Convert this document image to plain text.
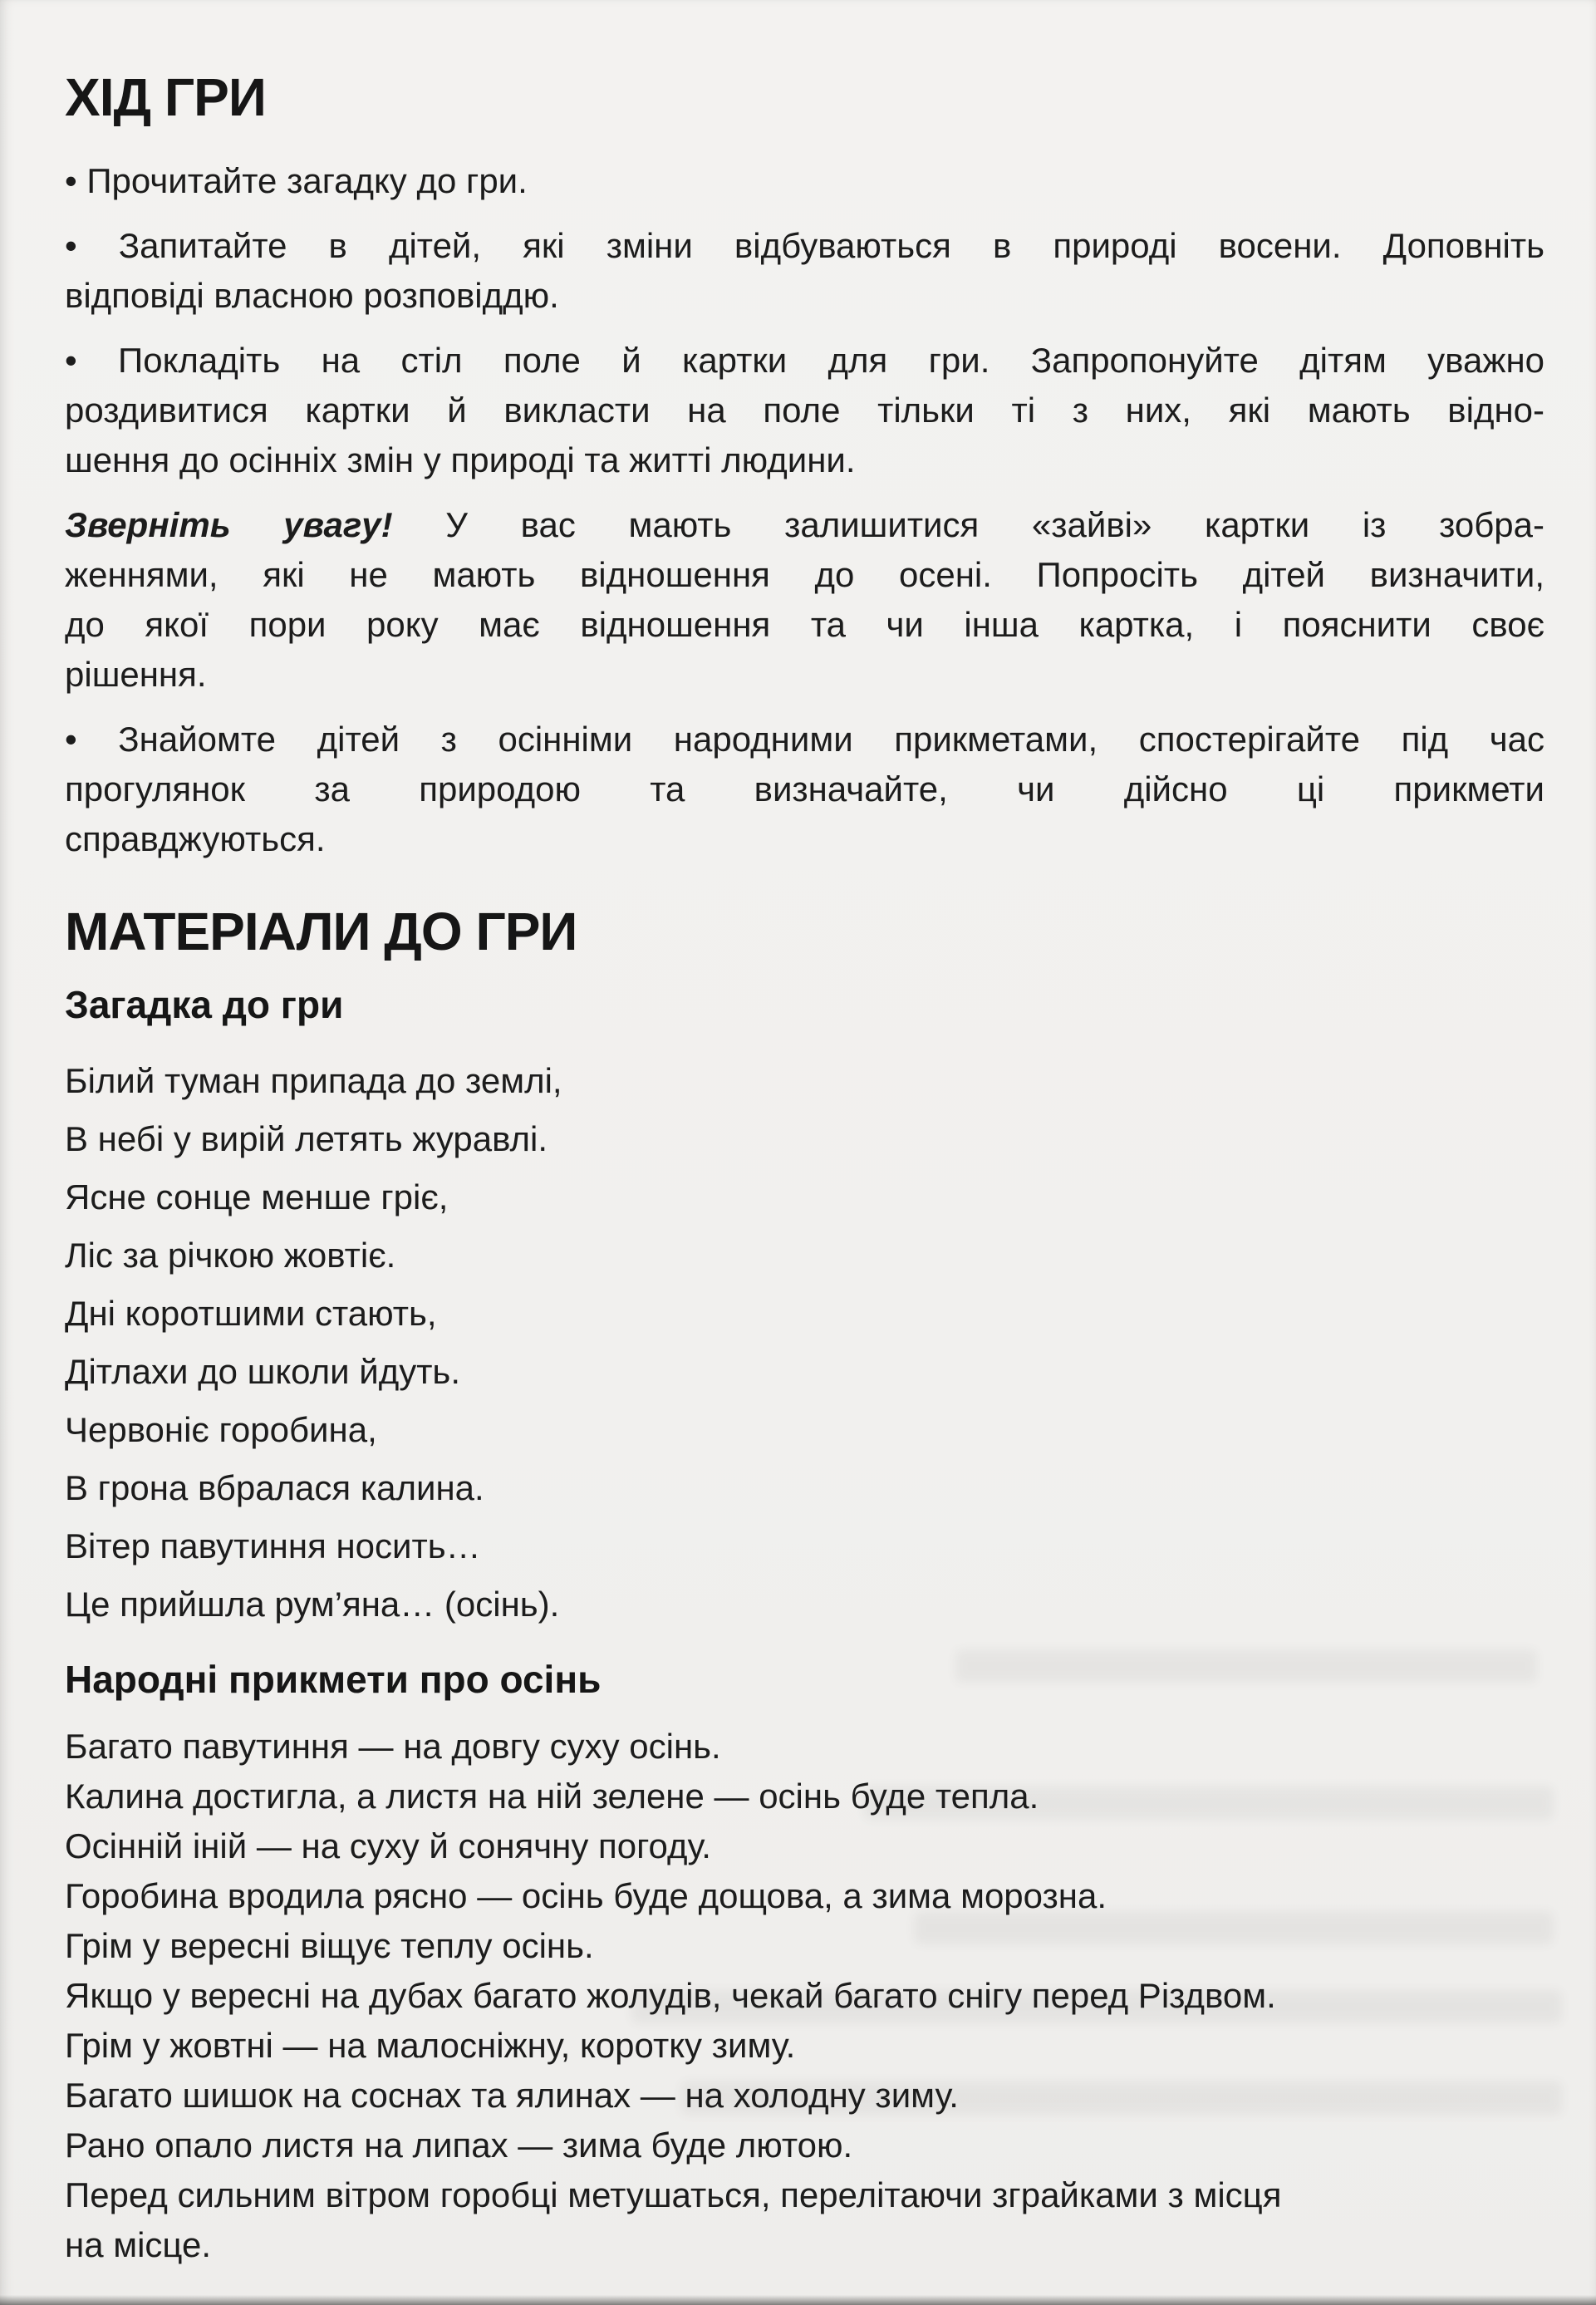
ХІД ГРИ
• Прочитайте загадку до гри.
• Запитайте в дітей, які зміни відбуваються в природі восени. Доповніть
відповіді власною розповіддю.
• Покладіть на стіл поле й картки для гри. Запропонуйте дітям уважно
роздивитися картки й викласти на поле тільки ті з них, які мають відно-
шення до осінніх змін у природі та житті людини.
Зверніть увагу! У вас мають залишитися «зайві» картки із зобра-
женнями, які не мають відношення до осені. Попросіть дітей визначити,
до якої пори року має відношення та чи інша картка, і пояснити своє
рішення.
• Знайомте дітей з осінніми народними прикметами, спостерігайте під час
прогулянок за природою та визначайте, чи дійсно ці прикмети
справджуються.
МАТЕРІАЛИ ДО ГРИ
Загадка до гри
Білий туман припада до землі,
В небі у вирій летять журавлі.
Ясне сонце менше гріє,
Ліс за річкою жовтіє.
Дні коротшими стають,
Дітлахи до школи йдуть.
Червоніє горобина,
В грона вбралася калина.
Вітер павутиння носить…
Це прийшла рум’яна… (осінь).
Народні прикмети про осінь
Багато павутиння — на довгу суху осінь.
Калина достигла, а листя на ній зелене — осінь буде тепла.
Осінній іній — на суху й сонячну погоду.
Горобина вродила рясно — осінь буде дощова, а зима морозна.
Грім у вересні віщує теплу осінь.
Якщо у вересні на дубах багато жолудів, чекай багато снігу перед Різдвом.
Грім у жовтні — на малосніжну, коротку зиму.
Багато шишок на соснах та ялинах — на холодну зиму.
Рано опало листя на липах — зима буде лютою.
Перед сильним вітром горобці метушаться, перелітаючи зграйками з місця
на місце.
